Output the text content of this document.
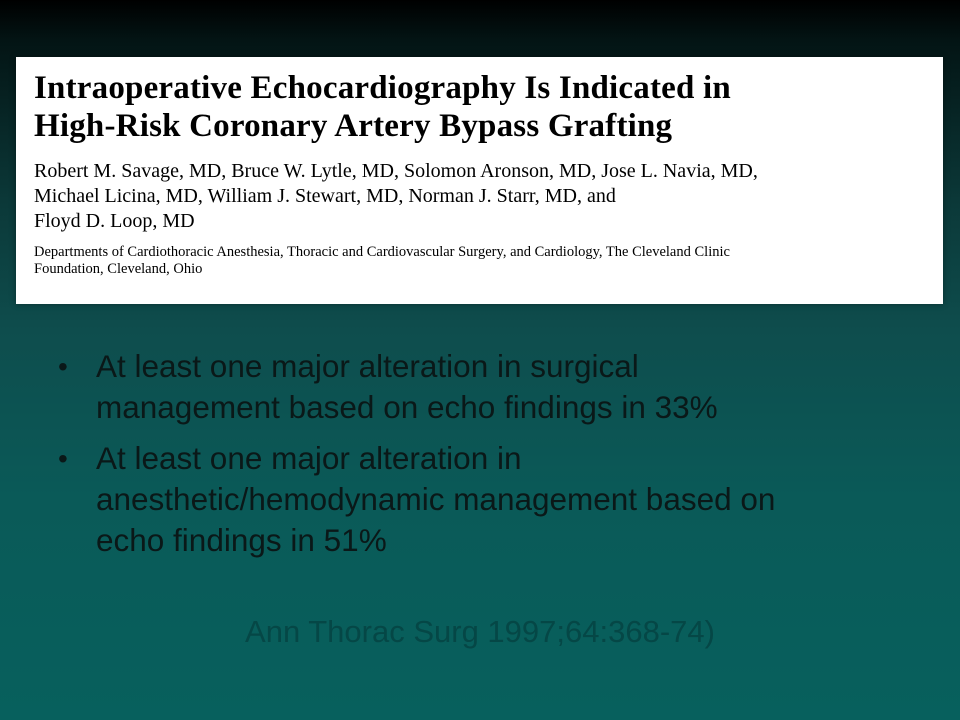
Intraoperative Echocardiography Is Indicated in
High-Risk Coronary Artery Bypass Grafting
Robert M. Savage, MD, Bruce W. Lytle, MD, Solomon Aronson, MD, Jose L. Navia, MD,
Michael Licina, MD, William J. Stewart, MD, Norman J. Starr, MD, and
Floyd D. Loop, MD
Departments of Cardiothoracic Anesthesia, Thoracic and Cardiovascular Surgery, and Cardiology, The Cleveland Clinic
Foundation, Cleveland, Ohio
• At least one major alteration in surgical
management based on echo findings in 33%
• At least one major alteration in
anesthetic/hemodynamic management based on
echo findings in 51%
Ann Thorac Surg 1997;64:368-74)
